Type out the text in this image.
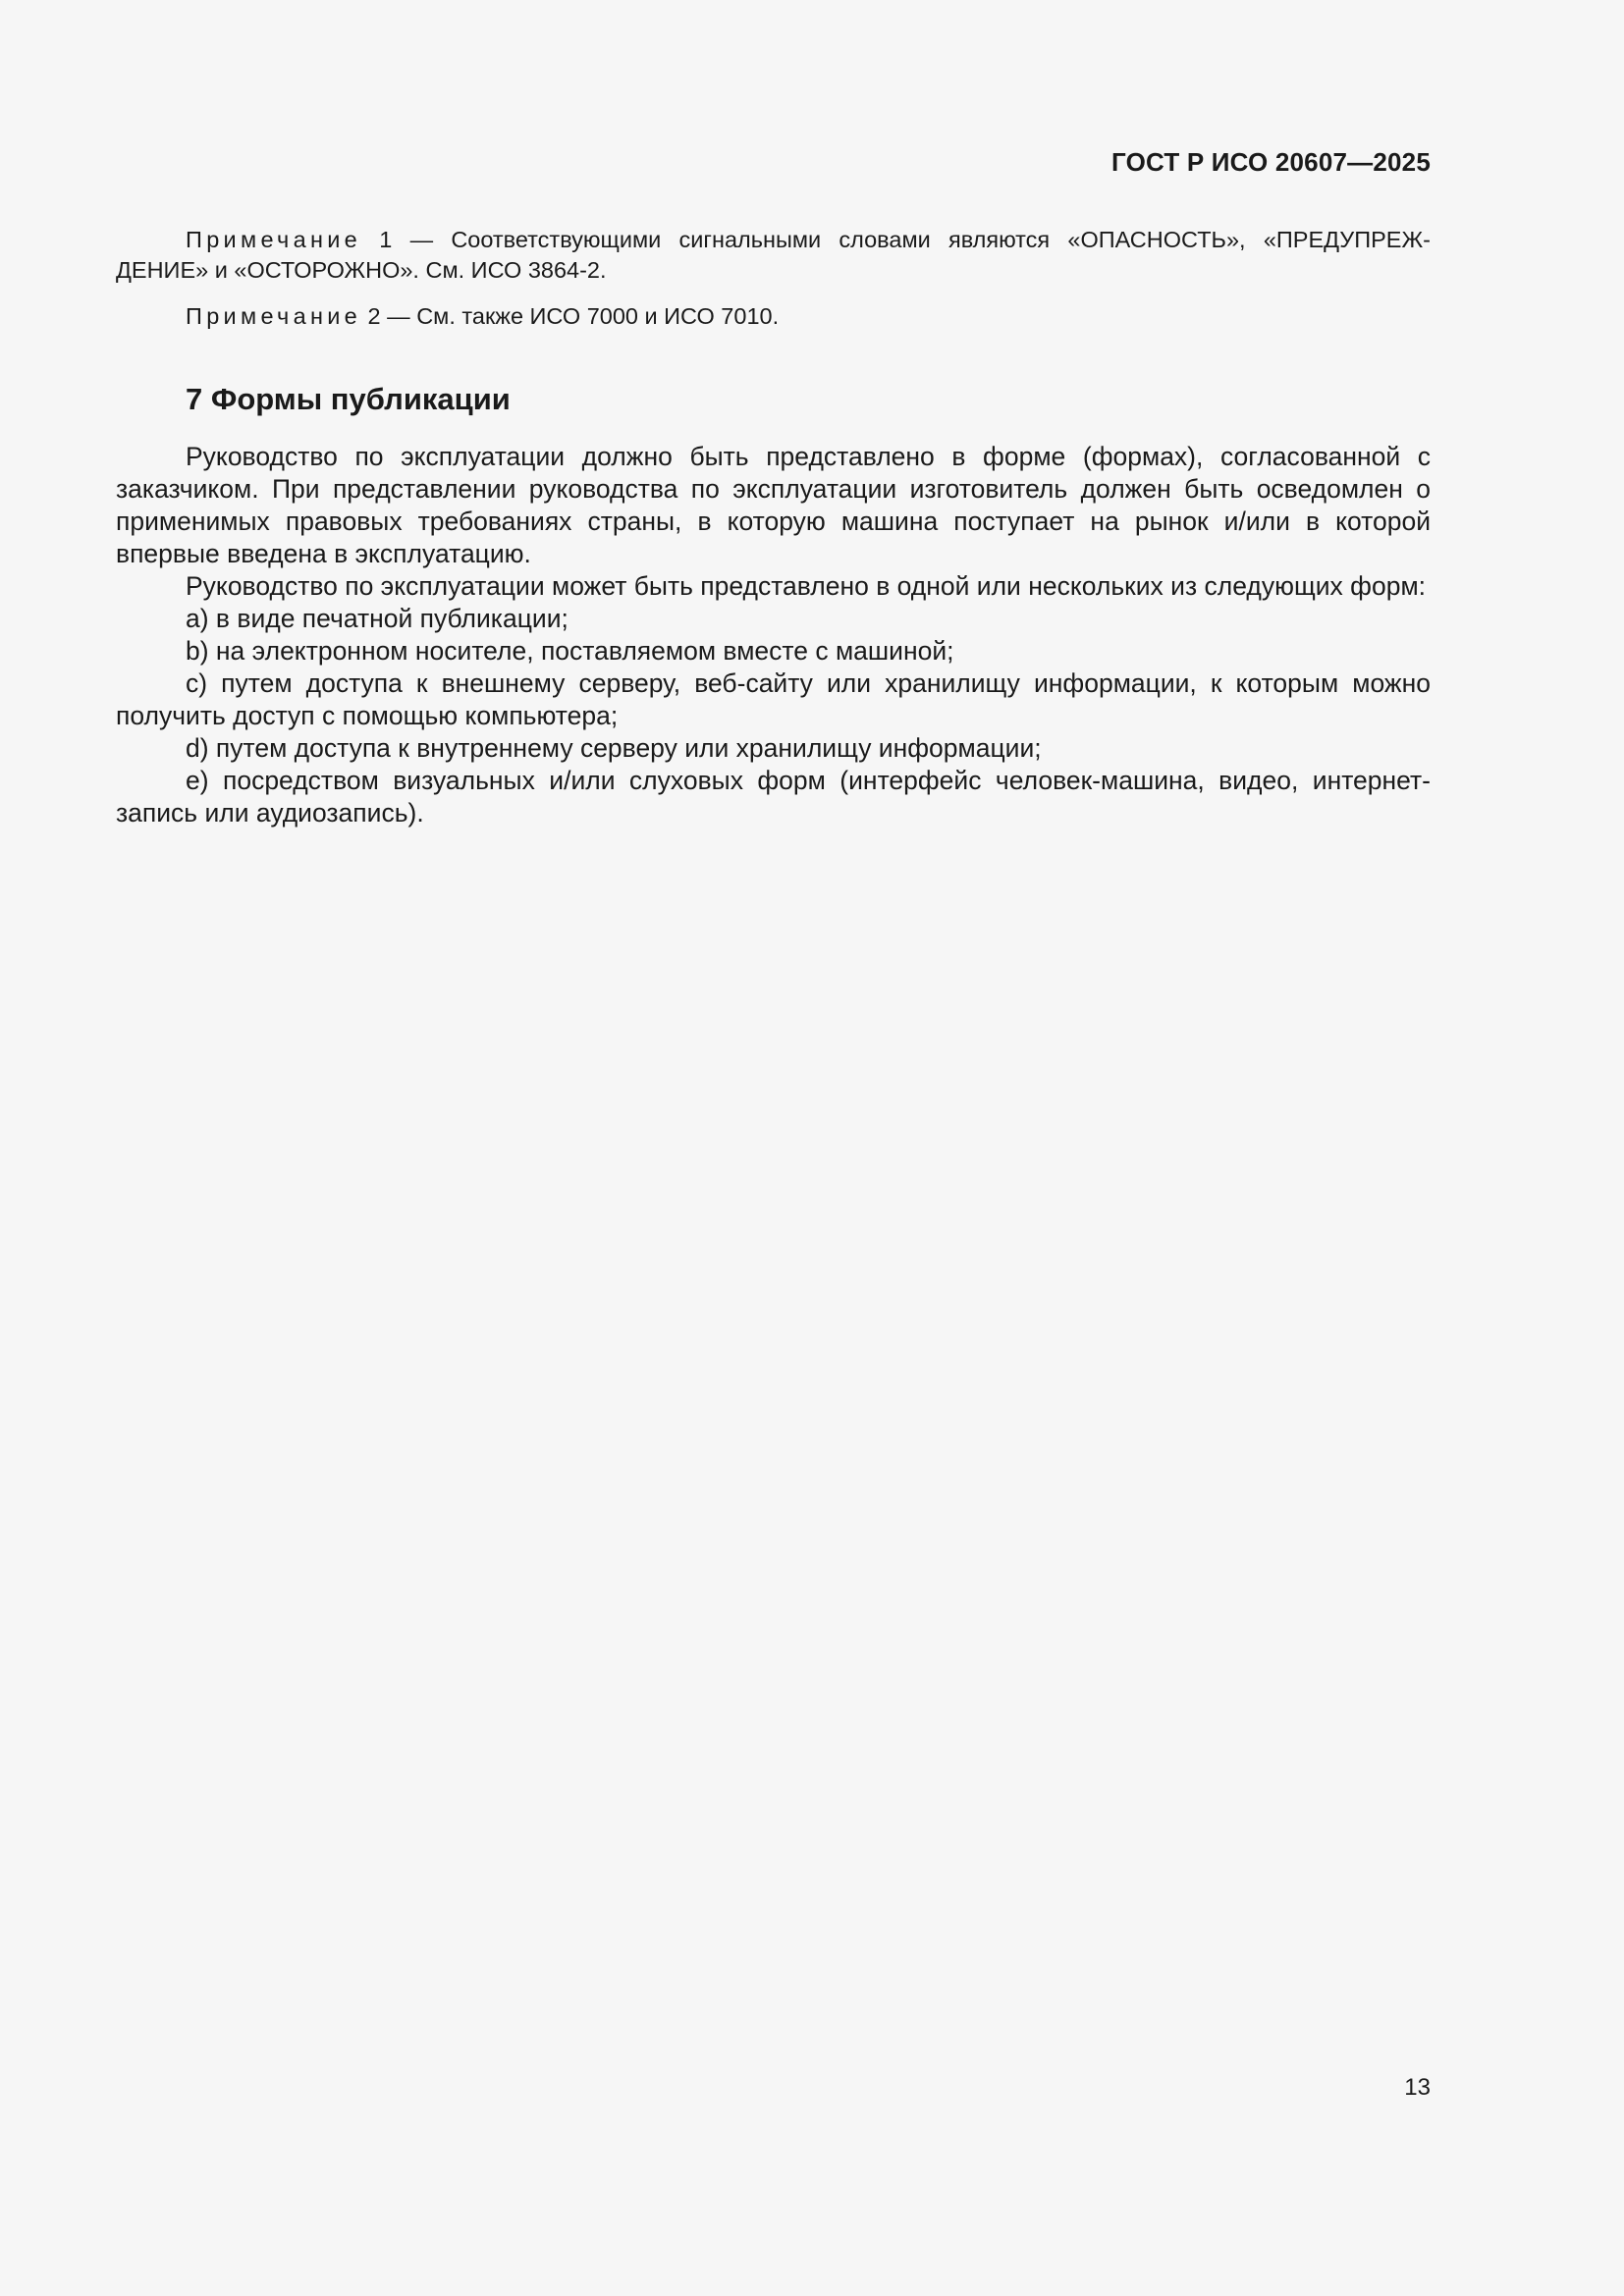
ГОСТ Р ИСО 20607—2025
Примечание 1 — Соответствующими сигнальными словами являются «ОПАСНОСТЬ», «ПРЕДУПРЕЖ-ДЕНИЕ» и «ОСТОРОЖНО». См. ИСО 3864-2.
Примечание 2 — См. также ИСО 7000 и ИСО 7010.
7 Формы публикации

Руководство по эксплуатации должно быть представлено в форме (формах), согласованной с заказчиком. При представлении руководства по эксплуатации изготовитель должен быть осведомлен о применимых правовых требованиях страны, в которую машина поступает на рынок и/или в которой впервые введена в эксплуатацию.

Руководство по эксплуатации может быть представлено в одной или нескольких из следующих форм:

a) в виде печатной публикации;

b) на электронном носителе, поставляемом вместе с машиной;

c) путем доступа к внешнему серверу, веб-сайту или хранилищу информации, к которым можно получить доступ с помощью компьютера;

d) путем доступа к внутреннему серверу или хранилищу информации;

e) посредством визуальных и/или слуховых форм (интерфейс человек-машина, видео, интернет-запись или аудиозапись).

13
